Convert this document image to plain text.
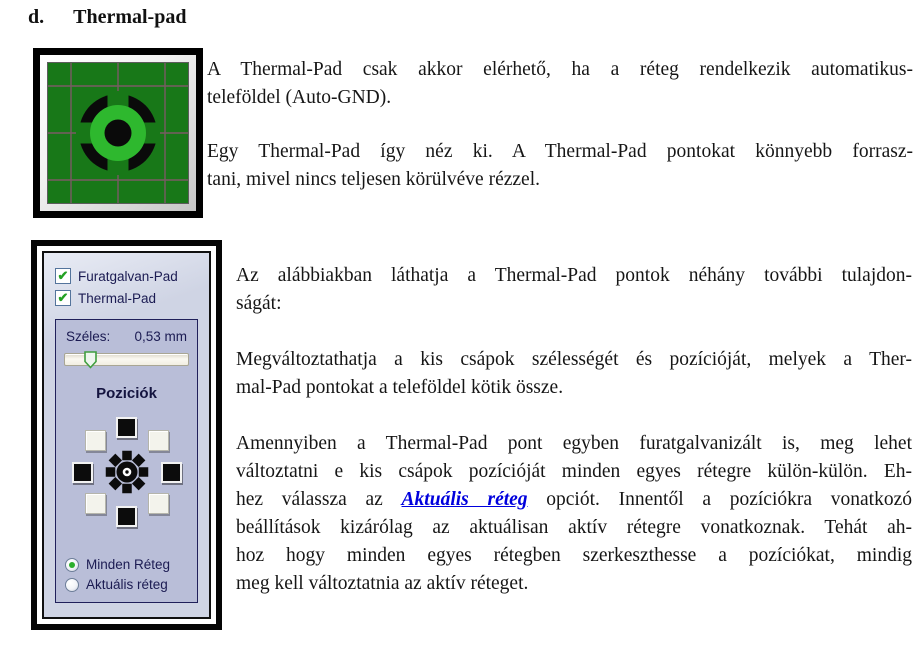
d. Thermal-pad
A Thermal-Pad csak akkor elérhető, ha a réteg rendelkezik automatikus-
teleföldel (Auto-GND).
Egy Thermal-Pad így néz ki. A Thermal-Pad pontokat könnyebb forrasz-
tani, mivel nincs teljesen körülvéve rézzel.
✔ Furatgalvan-Pad
✔ Thermal-Pad
Széles: 0,53 mm
Poziciók
Minden Réteg
Aktuális réteg
Az alábbiakban láthatja a Thermal-Pad pontok néhány további tulajdon-
ságát:
Megváltoztathatja a kis csápok szélességét és pozícióját, melyek a Ther-
mal-Pad pontokat a teleföldel kötik össze.
Amennyiben a Thermal-Pad pont egyben furatgalvanizált is, meg lehet
változtatni e kis csápok pozícióját minden egyes rétegre külön-külön. Eh-
hez válassza az Aktuális réteg opciót. Innentől a pozíciókra vonatkozó
beállítások kizárólag az aktuálisan aktív rétegre vonatkoznak. Tehát ah-
hoz hogy minden egyes rétegben szerkeszthesse a pozíciókat, mindig
meg kell változtatnia az aktív réteget.
